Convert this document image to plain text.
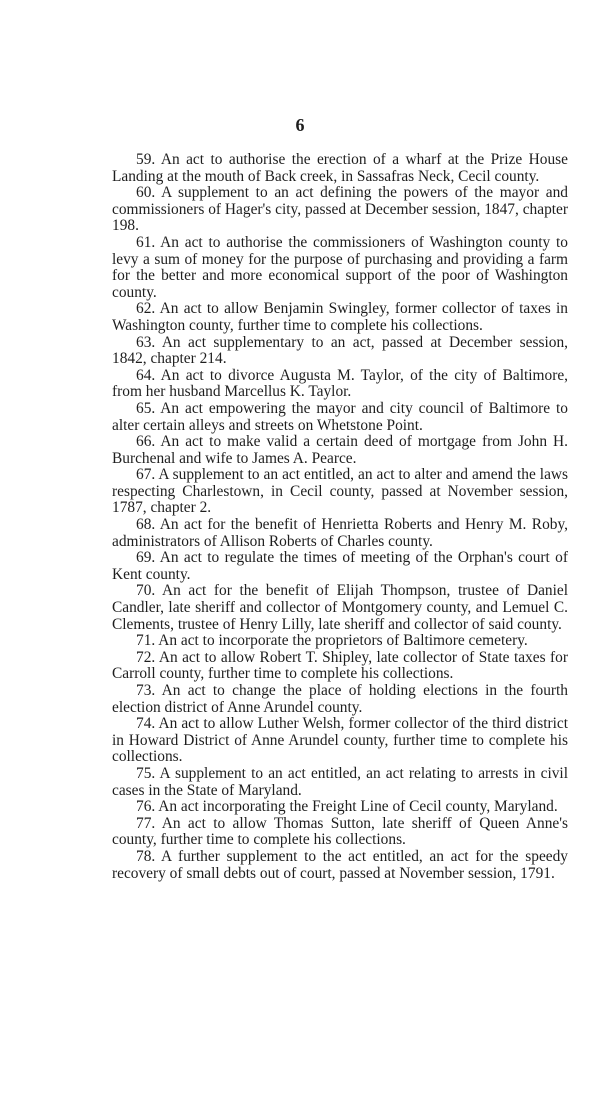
6

59. An act to authorise the erection of a wharf at the Prize House Landing at the mouth of Back creek, in Sassafras Neck, Cecil county.

60. A supplement to an act defining the powers of the mayor and commissioners of Hager's city, passed at December session, 1847, chapter 198.

61. An act to authorise the commissioners of Washington county to levy a sum of money for the purpose of purchasing and providing a farm for the better and more economical support of the poor of Washington county.

62. An act to allow Benjamin Swingley, former collector of taxes in Washington county, further time to complete his collections.

63. An act supplementary to an act, passed at December session, 1842, chapter 214.

64. An act to divorce Augusta M. Taylor, of the city of Baltimore, from her husband Marcellus K. Taylor.

65. An act empowering the mayor and city council of Baltimore to alter certain alleys and streets on Whetstone Point.

66. An act to make valid a certain deed of mortgage from John H. Burchenal and wife to James A. Pearce.

67. A supplement to an act entitled, an act to alter and amend the laws respecting Charlestown, in Cecil county, passed at November session, 1787, chapter 2.

68. An act for the benefit of Henrietta Roberts and Henry M. Roby, administrators of Allison Roberts of Charles county.

69. An act to regulate the times of meeting of the Orphan's court of Kent county.

70. An act for the benefit of Elijah Thompson, trustee of Daniel Candler, late sheriff and collector of Montgomery county, and Lemuel C. Clements, trustee of Henry Lilly, late sheriff and collector of said county.

71. An act to incorporate the proprietors of Baltimore cemetery.

72. An act to allow Robert T. Shipley, late collector of State taxes for Carroll county, further time to complete his collections.

73. An act to change the place of holding elections in the fourth election district of Anne Arundel county.

74. An act to allow Luther Welsh, former collector of the third district in Howard District of Anne Arundel county, further time to complete his collections.

75. A supplement to an act entitled, an act relating to arrests in civil cases in the State of Maryland.

76. An act incorporating the Freight Line of Cecil county, Maryland.

77. An act to allow Thomas Sutton, late sheriff of Queen Anne's county, further time to complete his collections.

78. A further supplement to the act entitled, an act for the speedy recovery of small debts out of court, passed at November session, 1791.
